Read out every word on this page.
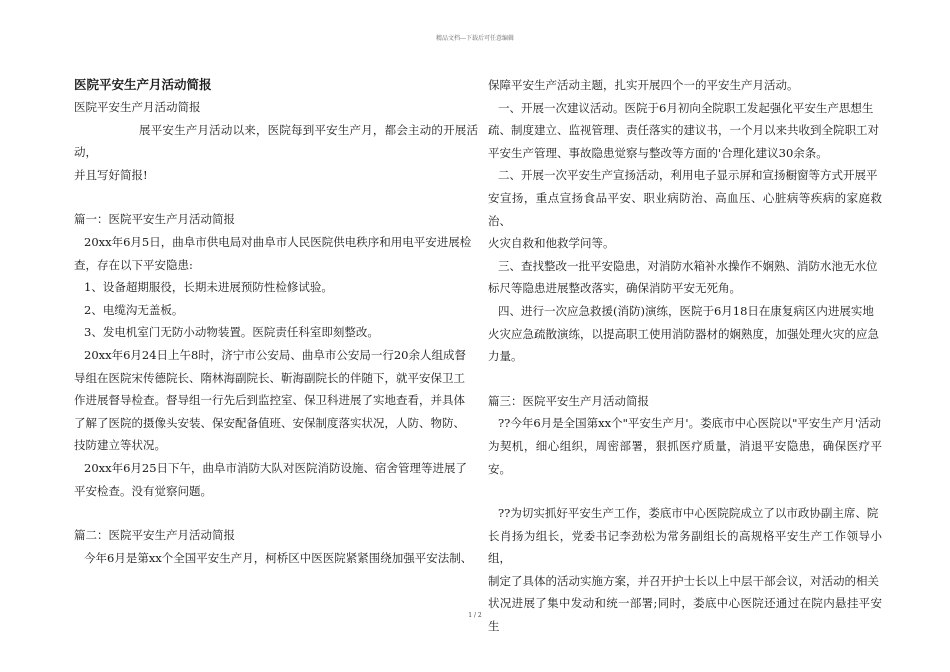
精品文档---下载后可任意编辑

医院平安生产月活动简报

医院平安生产月活动简报

展平安生产月活动以来，医院每到平安生产月，都会主动的开展活动，

并且写好简报!

篇一：医院平安生产月活动简报

20xx年6月5日，曲阜市供电局对曲阜市人民医院供电秩序和用电平安进展检

查，存在以下平安隐患:

1、设备超期服役，长期未进展预防性检修试验。

2、电缆沟无盖板。

3、发电机室门无防小动物装置。医院责任科室即刻整改。

20xx年6月24日上午8时，济宁市公安局、曲阜市公安局一行20余人组成督

导组在医院宋传德院长、隋林海副院长、靳海副院长的伴随下，就平安保卫工

作进展督导检查。督导组一行先后到监控室、保卫科进展了实地查看，并具体

了解了医院的摄像头安装、保安配备值班、安保制度落实状况，人防、物防、

技防建立等状况。

20xx年6月25日下午，曲阜市消防大队对医院消防设施、宿舍管理等进展了

平安检查。没有觉察问题。

篇二：医院平安生产月活动简报

今年6月是第xx个全国平安生产月，柯桥区中医医院紧紧围绕加强平安法制、

保障平安生产活动主题，扎实开展四个一的平安生产月活动。

一、开展一次建议活动。医院于6月初向全院职工发起强化平安生产思想生

疏、制度建立、监视管理、责任落实的建议书，一个月以来共收到全院职工对

平安生产管理、事故隐患觉察与整改等方面的'合理化建议30余条。

二、开展一次平安生产宣扬活动，利用电子显示屏和宣扬橱窗等方式开展平

安宣扬，重点宣扬食品平安、职业病防治、高血压、心脏病等疾病的家庭救治、

火灾自救和他救学问等。

三、查找整改一批平安隐患，对消防水箱补水操作不娴熟、消防水池无水位

标尺等隐患进展整改落实，确保消防平安无死角。

四、进行一次应急救援(消防)演练，医院于6月18日在康复病区内进展实地

火灾应急疏散演练，以提高职工使用消防器材的娴熟度，加强处理火灾的应急

力量。

篇三：医院平安生产月活动简报

??今年6月是全国第xx个"平安生产月'。娄底市中心医院以"平安生产月'活动

为契机，细心组织，周密部署，狠抓医疗质量，消退平安隐患，确保医疗平安。

??为切实抓好平安生产工作，娄底市中心医院院成立了以市政协副主席、院

长肖扬为组长，党委书记李劲松为常务副组长的高规格平安生产工作领导小组，

制定了具体的活动实施方案，并召开护士长以上中层干部会议，对活动的相关

状况进展了集中发动和统一部署;同时，娄底中心医院还通过在院内悬挂平安生

1 / 2
